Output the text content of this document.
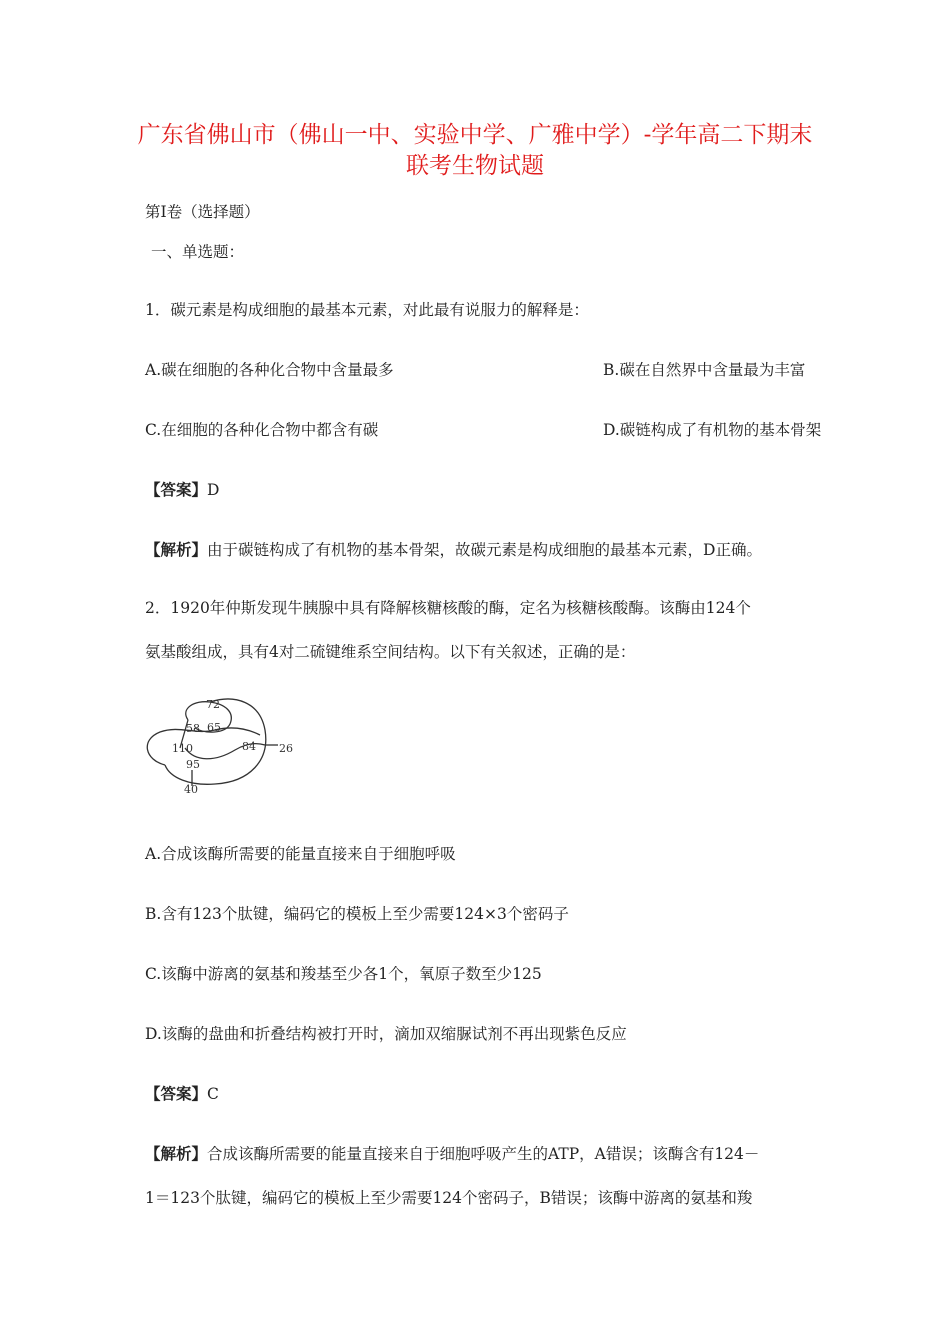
广东省佛山市（佛山一中、实验中学、广雅中学）-学年高二下期末
联考生物试题

第Ⅰ卷（选择题）

一、单选题：

1．碳元素是构成细胞的最基本元素，对此最有说服力的解释是：

A.碳在细胞的各种化合物中含量最多	B.碳在自然界中含量最为丰富

C.在细胞的各种化合物中都含有碳	D.碳链构成了有机物的基本骨架

【答案】D

【解析】由于碳链构成了有机物的基本骨架，故碳元素是构成细胞的最基本元素，D正确。

2．1920年仲斯发现牛胰腺中具有降解核糖核酸的酶，定名为核糖核酸酶。该酶由124个

氨基酸组成，具有4对二硫键维系空间结构。以下有关叙述，正确的是：

72
58 65
110	84 26
95
40

A.合成该酶所需要的能量直接来自于细胞呼吸

B.含有123个肽键，编码它的模板上至少需要124×3个密码子

C.该酶中游离的氨基和羧基至少各1个，氧原子数至少125

D.该酶的盘曲和折叠结构被打开时，滴加双缩脲试剂不再出现紫色反应

【答案】C

【解析】合成该酶所需要的能量直接来自于细胞呼吸产生的ATP，A错误；该酶含有124－

1＝123个肽键，编码它的模板上至少需要124个密码子，B错误；该酶中游离的氨基和羧
